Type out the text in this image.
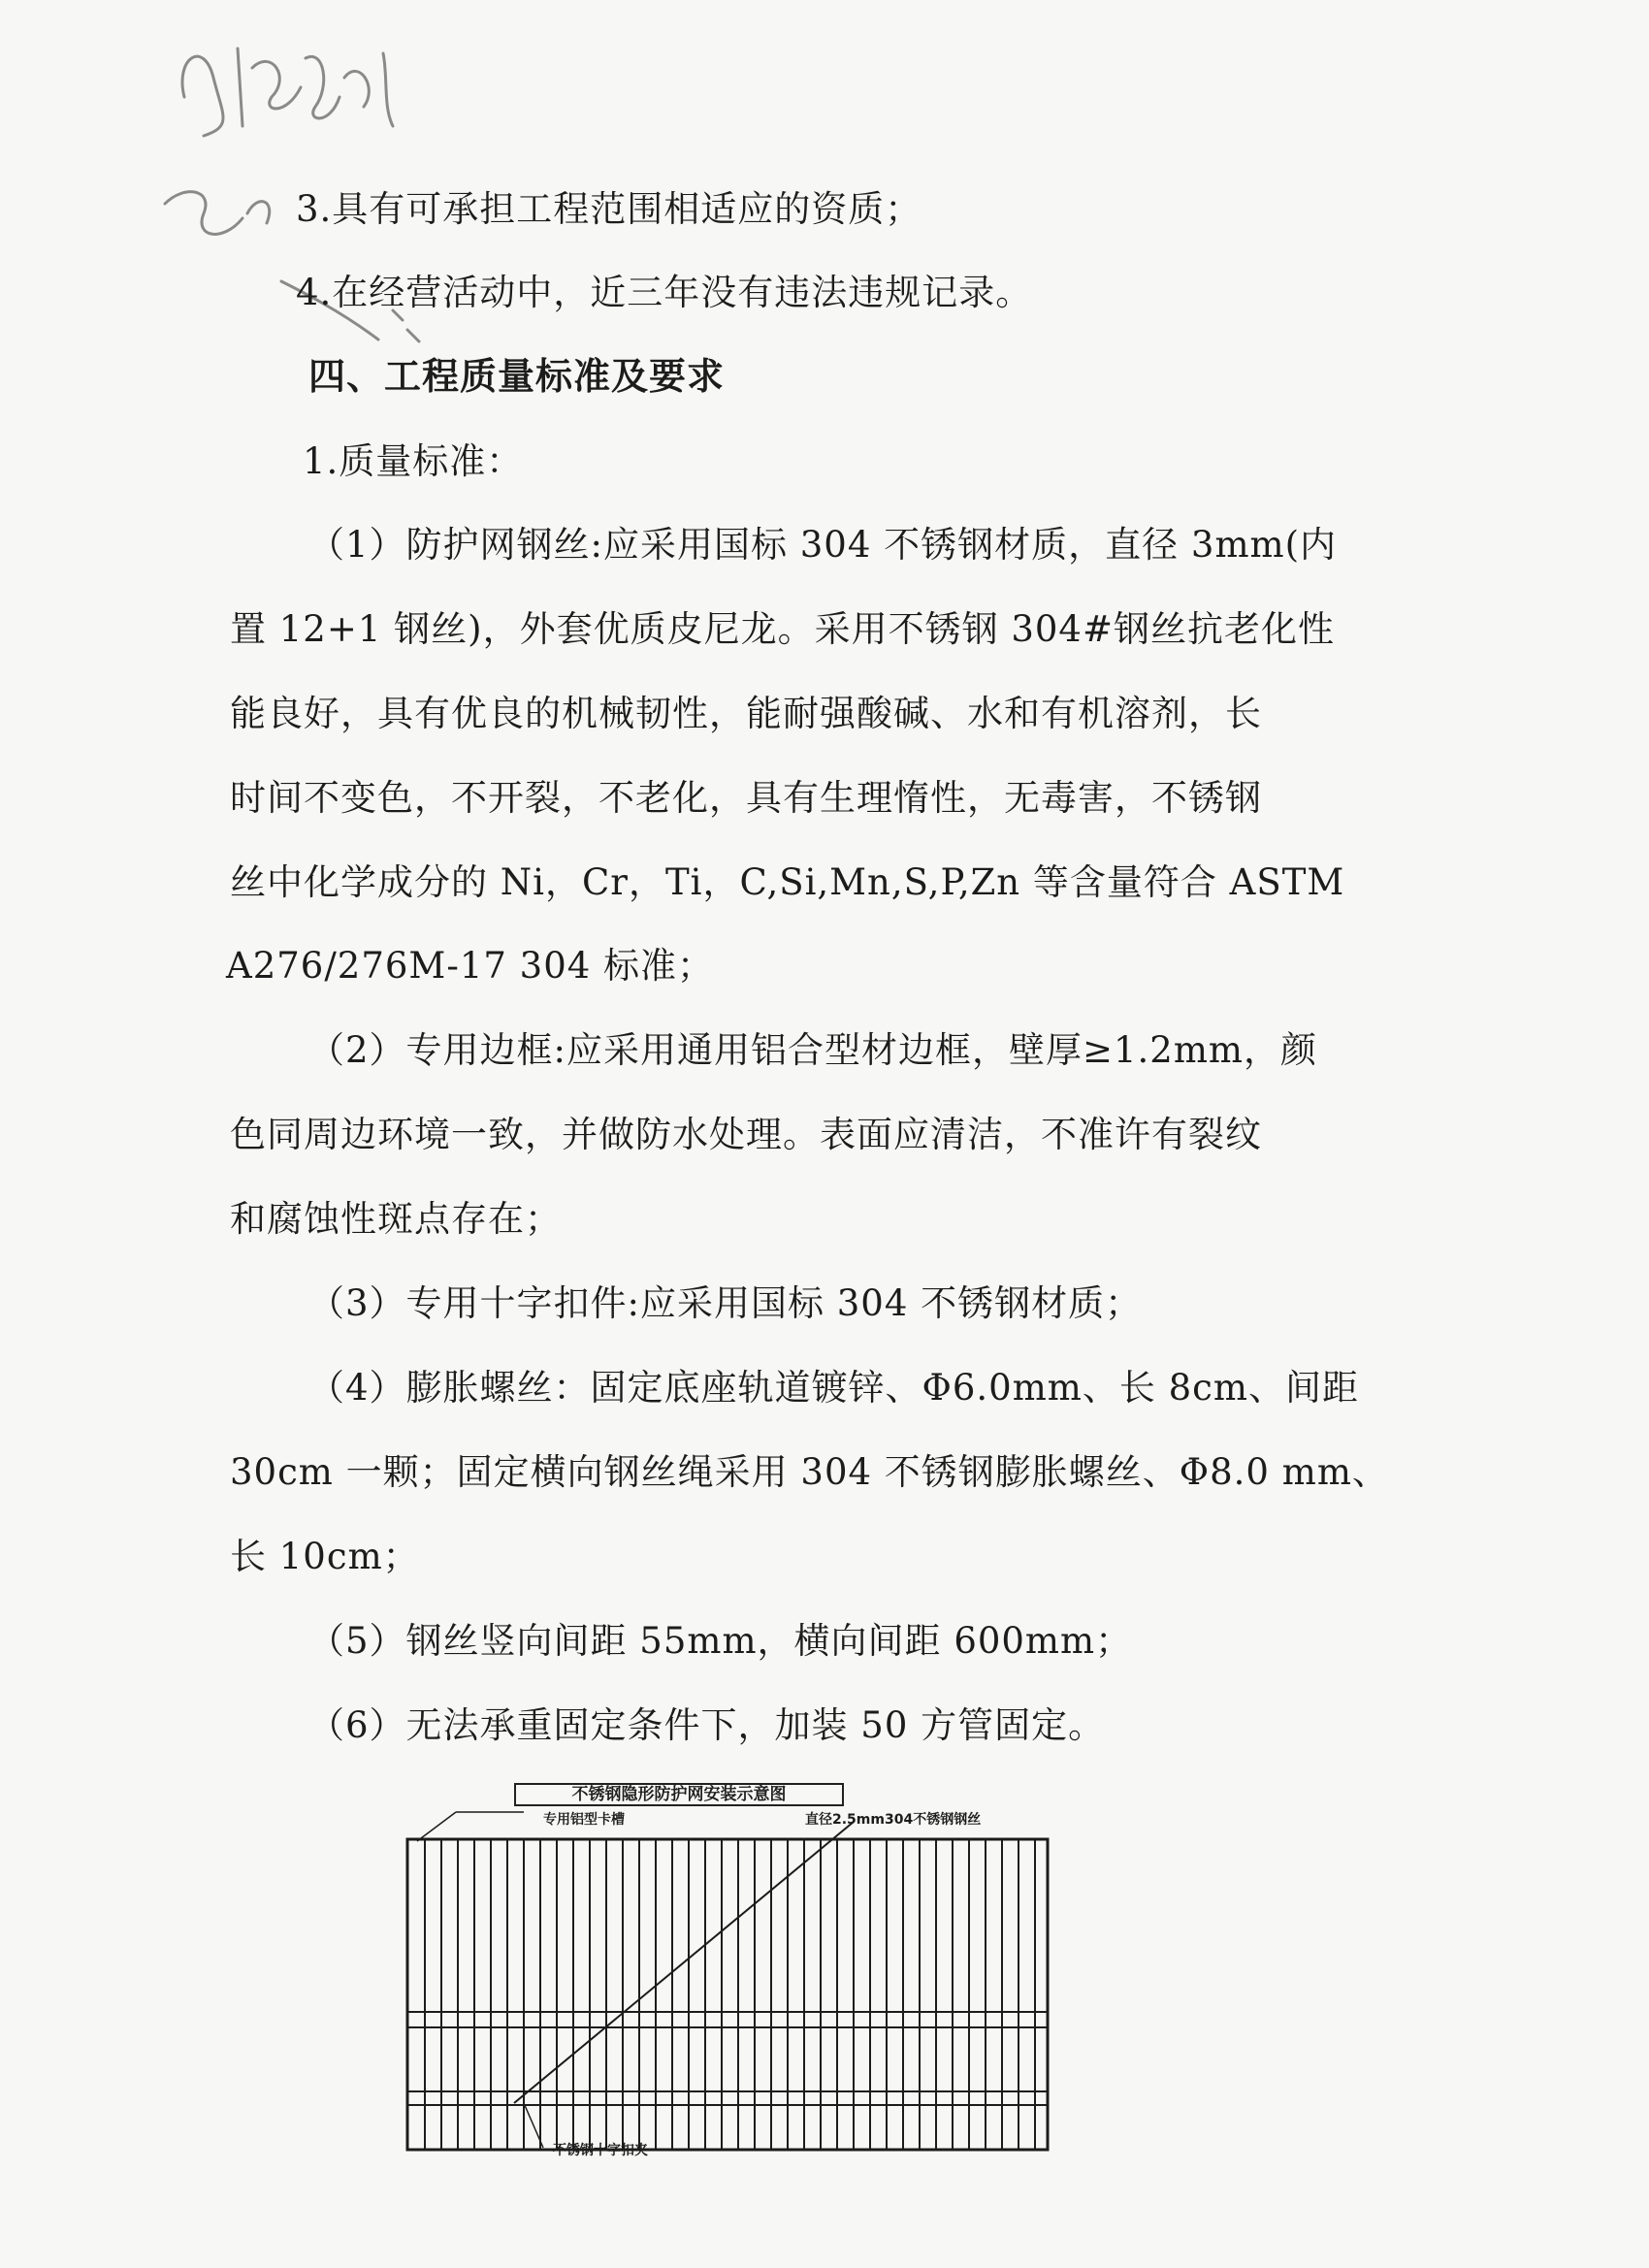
3.具有可承担工程范围相适应的资质；
4.在经营活动中，近三年没有违法违规记录。
四、工程质量标准及要求
1.质量标准：
（1）防护网钢丝:应采用国标 304 不锈钢材质，直径 3mm(内
置 12+1 钢丝)，外套优质皮尼龙。采用不锈钢 304#钢丝抗老化性
能良好，具有优良的机械韧性，能耐强酸碱、水和有机溶剂，长
时间不变色，不开裂，不老化，具有生理惰性，无毒害，不锈钢
丝中化学成分的 Ni，Cr，Ti，C,Si,Mn,S,P,Zn 等含量符合 ASTM
A276/276M-17 304 标准；
（2）专用边框:应采用通用铝合型材边框，壁厚≥1.2mm，颜
色同周边环境一致，并做防水处理。表面应清洁，不准许有裂纹
和腐蚀性斑点存在；
（3）专用十字扣件:应采用国标 304 不锈钢材质；
（4）膨胀螺丝：固定底座轨道镀锌、Φ6.0mm、长 8cm、间距
30cm 一颗；固定横向钢丝绳采用 304 不锈钢膨胀螺丝、Φ8.0 mm、
长 10cm；
（5）钢丝竖向间距 55mm，横向间距 600mm；
（6）无法承重固定条件下，加装 50 方管固定。
不锈钢隐形防护网安装示意图
专用铝型卡槽	直径2.5mm304不锈钢钢丝
不锈钢十字扣夹
